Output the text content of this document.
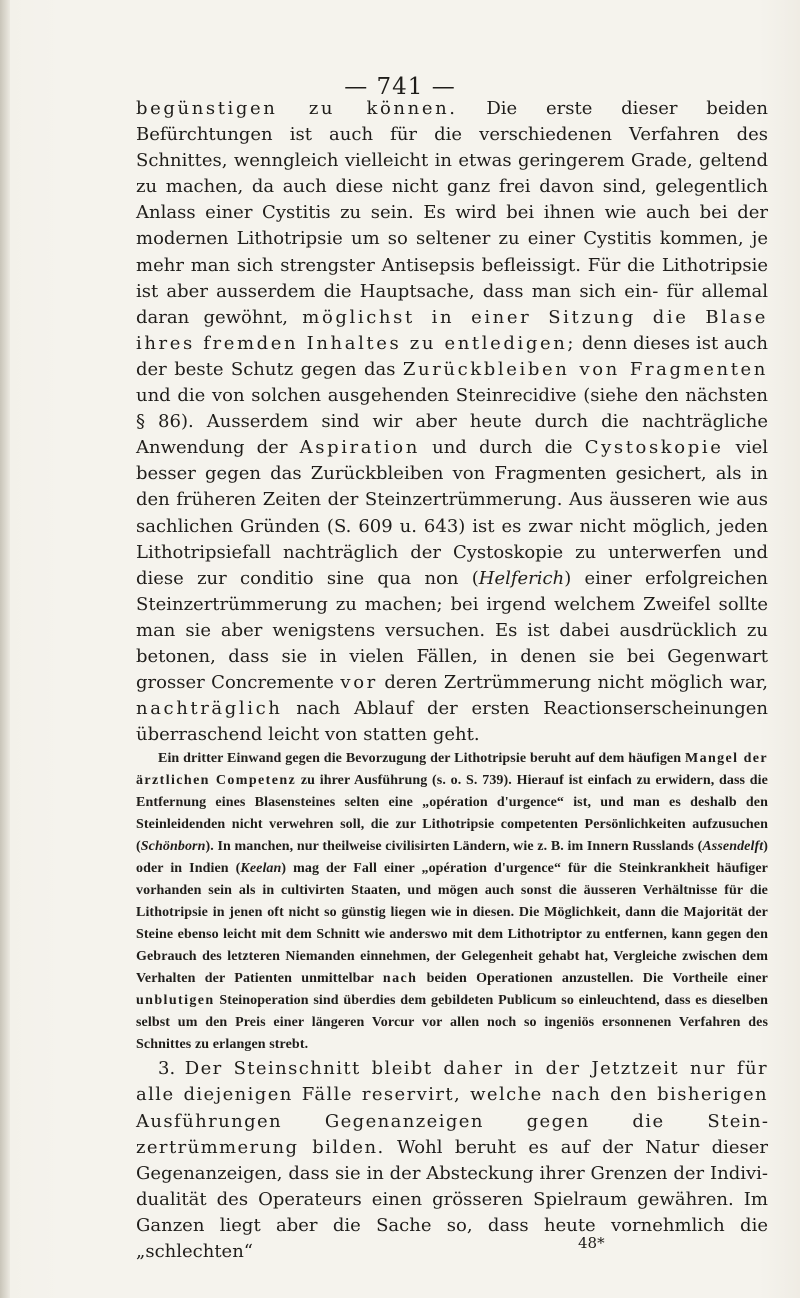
— 741 —

begünstigen zu können. Die erste dieser beiden Befürchtungen ist auch für die verschiedenen Verfahren des Schnittes, wenngleich vielleicht in etwas geringerem Grade, geltend zu machen, da auch diese nicht ganz frei davon sind, gelegentlich Anlass einer Cystitis zu sein. Es wird bei ihnen wie auch bei der modernen Lithotripsie um so seltener zu einer Cystitis kommen, je mehr man sich strengster Antisepsis befleissigt. Für die Lithotripsie ist aber ausserdem die Hauptsache, dass man sich ein- für allemal daran gewöhnt, möglichst in einer Sitzung die Blase ihres fremden Inhaltes zu entledigen; denn dieses ist auch der beste Schutz gegen das Zurückbleiben von Fragmenten und die von solchen ausgehenden Steinrecidive (siehe den nächsten § 86). Ausserdem sind wir aber heute durch die nachträgliche Anwendung der Aspiration und durch die Cystoskopie viel besser gegen das Zurückbleiben von Fragmenten gesichert, als in den früheren Zeiten der Steinzertrümmerung. Aus äusseren wie aus sachlichen Gründen (S. 609 u. 643) ist es zwar nicht möglich, jeden Lithotripsiefall nachträglich der Cystoskopie zu unterwerfen und diese zur conditio sine qua non (Helferich) einer erfolgreichen Steinzertrümmerung zu machen; bei irgend welchem Zweifel sollte man sie aber wenigstens versuchen. Es ist dabei ausdrücklich zu betonen, dass sie in vielen Fällen, in denen sie bei Gegenwart grosser Concremente vor deren Zertrümmerung nicht möglich war, nachträglich nach Ablauf der ersten Reactionserscheinungen überraschend leicht von statten geht.

Ein dritter Einwand gegen die Bevorzugung der Lithotripsie beruht auf dem häufigen Mangel der ärztlichen Competenz zu ihrer Ausführung (s. o. S. 739). Hierauf ist einfach zu erwidern, dass die Entfernung eines Blasensteines selten eine „opération d'urgence“ ist, und man es deshalb den Steinleidenden nicht verwehren soll, die zur Lithotripsie competenten Persönlichkeiten aufzusuchen (Schönborn). In manchen, nur theilweise civilisirten Ländern, wie z. B. im Innern Russlands (Assendelft) oder in Indien (Keelan) mag der Fall einer „opération d'urgence“ für die Steinkrankheit häufiger vorhanden sein als in cultivirten Staaten, und mögen auch sonst die äusseren Verhältnisse für die Lithotripsie in jenen oft nicht so günstig liegen wie in diesen. Die Möglichkeit, dann die Majorität der Steine ebenso leicht mit dem Schnitt wie anderswo mit dem Lithotriptor zu entfernen, kann gegen den Gebrauch des letzteren Niemanden einnehmen, der Gelegenheit gehabt hat, Vergleiche zwischen dem Verhalten der Patienten unmittelbar nach beiden Operationen anzustellen. Die Vortheile einer unblutigen Steinoperation sind überdies dem gebildeten Publicum so einleuchtend, dass es dieselben selbst um den Preis einer längeren Vorcur vor allen noch so ingeniös ersonnenen Verfahren des Schnittes zu erlangen strebt.

3. Der Steinschnitt bleibt daher in der Jetztzeit nur für alle diejenigen Fälle reservirt, welche nach den bisherigen Ausführungen Gegenanzeigen gegen die Steinzertrümmerung bilden. Wohl beruht es auf der Natur dieser Gegenanzeigen, dass sie in der Absteckung ihrer Grenzen der Individualität des Operateurs einen grösseren Spielraum gewähren. Im Ganzen liegt aber die Sache so, dass heute vornehmlich die „schlechten“	48*
